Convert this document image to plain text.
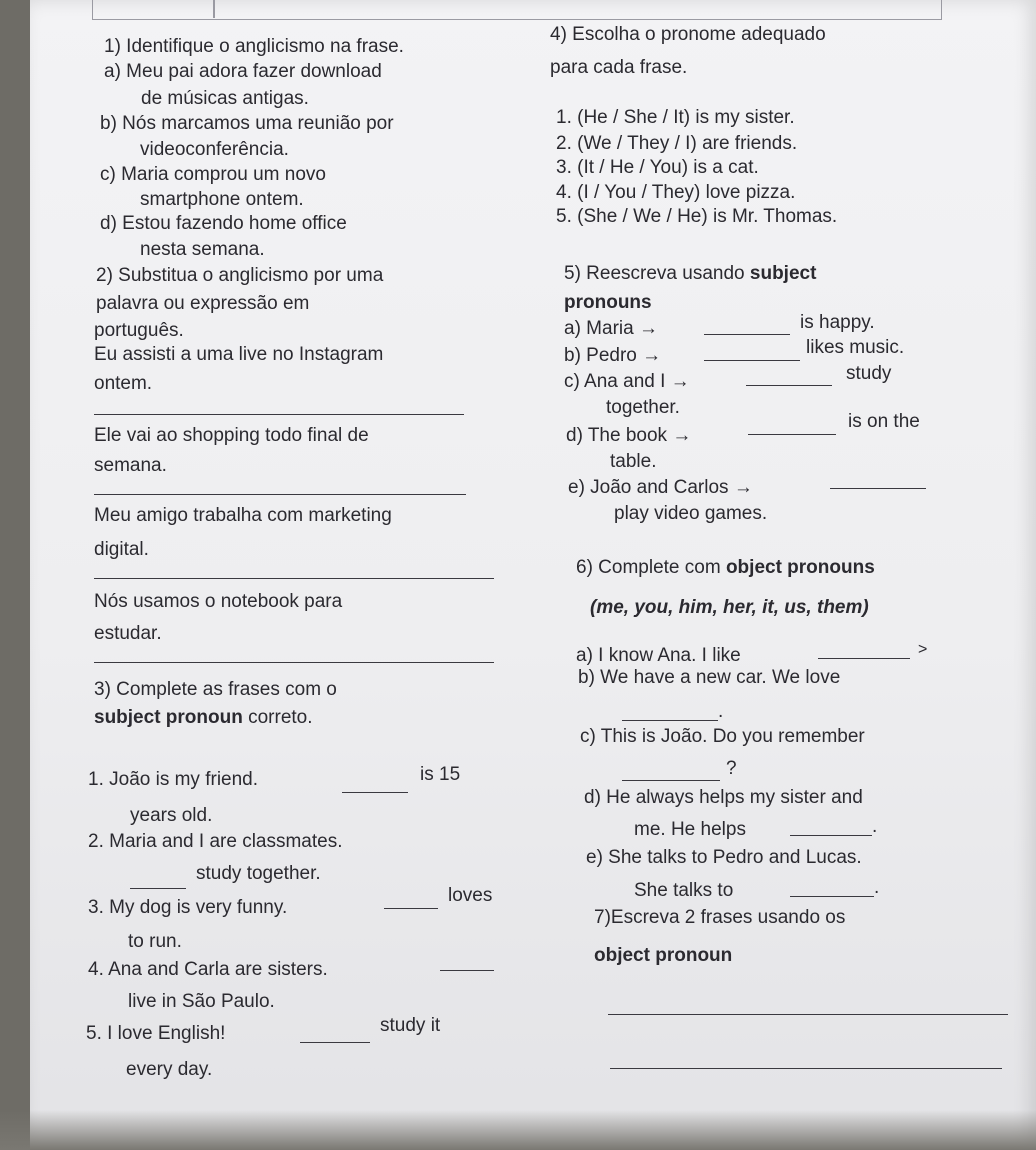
1) Identifique o anglicismo na frase.
a) Meu pai adora fazer download
de músicas antigas.
b) Nós marcamos uma reunião por
videoconferência.
c) Maria comprou um novo
smartphone ontem.
d) Estou fazendo home office
nesta semana.
2) Substitua o anglicismo por uma
palavra ou expressão em
português.
Eu assisti a uma live no Instagram
ontem.
Ele vai ao shopping todo final de
semana.
Meu amigo trabalha com marketing
digital.
Nós usamos o notebook para
estudar.
3) Complete as frases com o
subject pronoun correto.
1. João is my friend.	is 15
years old.
2. Maria and I are classmates.
study together.
3. My dog is very funny.
loves
to run.
4. Ana and Carla are sisters.
live in São Paulo.
5. I love English!	study it
every day.
4) Escolha o pronome adequado
para cada frase.
1. (He / She / It) is my sister.
2. (We / They / I) are friends.
3. (It / He / You) is a cat.
4. (I / You / They) love pizza.
5. (She / We / He) is Mr. Thomas.
5) Reescreva usando subject
pronouns
a) Maria →	is happy.
b) Pedro →	likes music.
c) Ana and I →	study
together.
d) The book →
is on the
table.
e) João and Carlos →
play video games.
6) Complete com object pronouns
(me, you, him, her, it, us, them)
a) I know Ana. I like	>
b) We have a new car. We love
.
c) This is João. Do you remember
?
d) He always helps my sister and
me. He helps	.
e) She talks to Pedro and Lucas.
She talks to	.
7)Escreva 2 frases usando os
object pronoun
